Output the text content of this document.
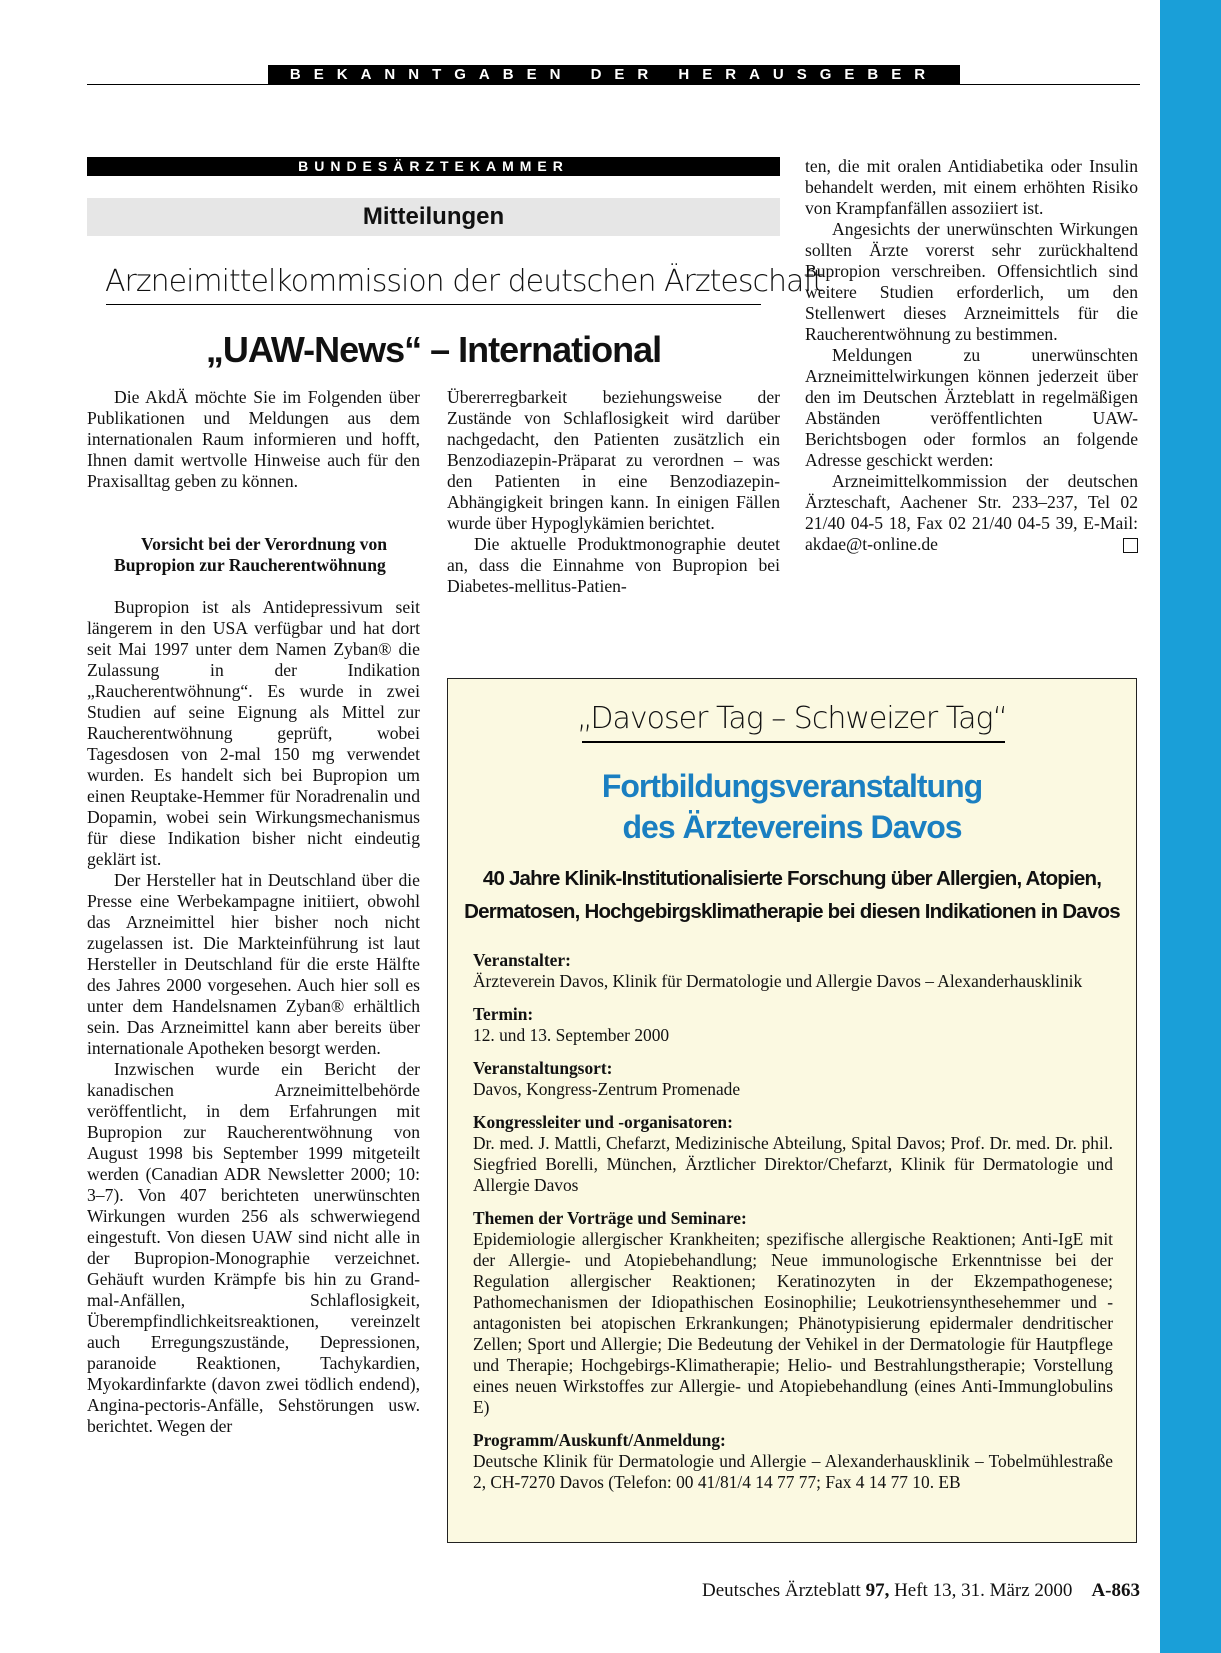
BEKANNTGABEN DER HERAUSGEBER
BUNDESÄRZTEKAMMER
Mitteilungen
Arzneimittelkommission der deutschen Ärzteschaft
„UAW-News“ – International

Die AkdÄ möchte Sie im Folgenden über Publikationen und Meldungen aus dem internationalen Raum informieren und hofft, Ihnen damit wertvolle Hinweise auch für den Praxisalltag geben zu können.

Vorsicht bei der Verordnung von Bupropion zur Raucherentwöhnung

Bupropion ist als Antidepressivum seit längerem in den USA verfügbar und hat dort seit Mai 1997 unter dem Namen Zyban® die Zulassung in der Indikation „Raucherentwöhnung“. Es wurde in zwei Studien auf seine Eignung als Mittel zur Raucherentwöhnung geprüft, wobei Tagesdosen von 2-mal 150 mg verwendet wurden. Es handelt sich bei Bupropion um einen Reuptake-Hemmer für Noradrenalin und Dopamin, wobei sein Wirkungsmechanismus für diese Indikation bisher nicht eindeutig geklärt ist.

Der Hersteller hat in Deutschland über die Presse eine Werbekampagne initiiert, obwohl das Arzneimittel hier bisher noch nicht zugelassen ist. Die Markteinführung ist laut Hersteller in Deutschland für die erste Hälfte des Jahres 2000 vorgesehen. Auch hier soll es unter dem Handelsnamen Zyban® erhältlich sein. Das Arzneimittel kann aber bereits über internationale Apotheken besorgt werden.

Inzwischen wurde ein Bericht der kanadischen Arzneimittelbehörde veröffentlicht, in dem Erfahrungen mit Bupropion zur Raucherentwöhnung von August 1998 bis September 1999 mitgeteilt werden (Canadian ADR Newsletter 2000; 10: 3–7). Von 407 berichteten unerwünschten Wirkungen wurden 256 als schwerwiegend eingestuft. Von diesen UAW sind nicht alle in der Bupropion-Monographie verzeichnet. Gehäuft wurden Krämpfe bis hin zu Grand-mal-Anfällen, Schlaflosigkeit, Überempfindlichkeitsreaktionen, vereinzelt auch Erregungszustände, Depressionen, paranoide Reaktionen, Tachykardien, Myokardinfarkte (davon zwei tödlich endend), Angina-pectoris-Anfälle, Sehstörungen usw. berichtet. Wegen der

Übererregbarkeit beziehungsweise der Zustände von Schlaflosigkeit wird darüber nachgedacht, den Patienten zusätzlich ein Benzodiazepin-Präparat zu verordnen – was den Patienten in eine Benzodiazepin-Abhängigkeit bringen kann. In einigen Fällen wurde über Hypoglykämien berichtet.

Die aktuelle Produktmonographie deutet an, dass die Einnahme von Bupropion bei Diabetes-mellitus-Patien-

ten, die mit oralen Antidiabetika oder Insulin behandelt werden, mit einem erhöhten Risiko von Krampfanfällen assoziiert ist.

Angesichts der unerwünschten Wirkungen sollten Ärzte vorerst sehr zurückhaltend Bupropion verschreiben. Offensichtlich sind weitere Studien erforderlich, um den Stellenwert dieses Arzneimittels für die Raucherentwöhnung zu bestimmen.

Meldungen zu unerwünschten Arzneimittelwirkungen können jederzeit über den im Deutschen Ärzteblatt in regelmäßigen Abständen veröffentlichten UAW-Berichtsbogen oder formlos an folgende Adresse geschickt werden:

Arzneimittelkommission der deutschen Ärzteschaft, Aachener Str. 233–237, Tel 02 21/40 04-5 18, Fax 02 21/40 04-5 39, E-Mail: akdae@t-online.de

„Davoser Tag – Schweizer Tag“
Fortbildungsveranstaltung
des Ärztevereins Davos
40 Jahre Klinik-Institutionalisierte Forschung über Allergien, Atopien,
Dermatosen, Hochgebirgsklimatherapie bei diesen Indikationen in Davos

Veranstalter:

Ärzteverein Davos, Klinik für Dermatologie und Allergie Davos – Alexanderhausklinik

Termin:

12. und 13. September 2000

Veranstaltungsort:

Davos, Kongress-Zentrum Promenade

Kongressleiter und -organisatoren:

Dr. med. J. Mattli, Chefarzt, Medizinische Abteilung, Spital Davos; Prof. Dr. med. Dr. phil. Siegfried Borelli, München, Ärztlicher Direktor/Chefarzt, Klinik für Dermatologie und Allergie Davos

Themen der Vorträge und Seminare:

Epidemiologie allergischer Krankheiten; spezifische allergische Reaktionen; Anti-IgE mit der Allergie- und Atopiebehandlung; Neue immunologische Erkenntnisse bei der Regulation allergischer Reaktionen; Keratinozyten in der Ekzempathogenese; Pathomechanismen der Idiopathischen Eosinophilie; Leukotriensynthesehemmer und -antagonisten bei atopischen Erkrankungen; Phänotypisierung epidermaler dendritischer Zellen; Sport und Allergie; Die Bedeutung der Vehikel in der Dermatologie für Hautpflege und Therapie; Hochgebirgs-Klimatherapie; Helio- und Bestrahlungstherapie; Vorstellung eines neuen Wirkstoffes zur Allergie- und Atopiebehandlung (eines Anti-Immunglobulins E)

Programm/Auskunft/Anmeldung:

Deutsche Klinik für Dermatologie und Allergie – Alexanderhausklinik – Tobelmühlestraße 2, CH-7270 Davos (Telefon: 00 41/81/4 14 77 77; Fax 4 14 77 10. EB

Deutsches Ärzteblatt 97, Heft 13, 31. März 2000 A-863
